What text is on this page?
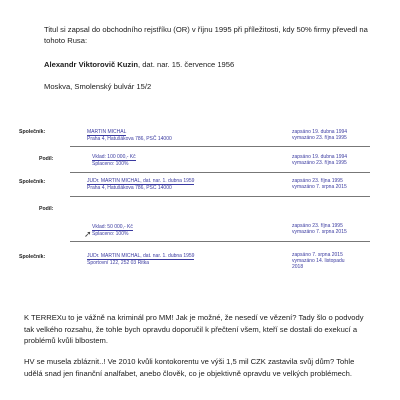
Titul si zapsal do obchodního rejstříku (OR) v říjnu 1995 při příležitosti, kdy 50% firmy převedl na
tohoto Rusa:
Alexandr Viktorovič Kuzin, dat. nar. 15. července 1956
Moskva, Smolenský bulvár 15/2
Společník:	MARTIN MICHAL
Praha 4, Hatušákova 786, PSČ 14000
zapsáno 19. dubna 1994
vymazáno 23. října 1995
Podíl:	Vklad: 100 000,- Kč
Splaceno: 100%
zapsáno 19. dubna 1994
vymazáno 23. října 1995
Společník:	JUDr. MARTIN MICHAL, dat. nar. 1. dubna 1959
Praha 4, Hatušákova 786, PSČ 14000
zapsáno 23. října 1995
vymazáno 7. srpna 2015
Podíl:
Vklad: 50 000,- Kč
Splaceno: 100%
➚
zapsáno 23. října 1995
vymazáno 7. srpna 2015
Společník:	JUDr. MARTIN MICHAL, dat. nar. 1. dubna 1959
Sportovní 122, 252 03 Řitka
zapsáno 7. srpna 2015
vymazáno 14. listopadu
2018
K TERREXu to je vážně na kriminál pro MM! Jak je možné, že nesedí ve vězení? Tady šlo o podvody
tak velkého rozsahu, že tohle bych opravdu doporučil k přečtení všem, kteří se dostali do exekucí a
problémů kvůli blbostem.
HV se musela zbláznit..! Ve 2010 kvůli kontokorentu ve výši 1,5 mil CZK zastavila svůj dům? Tohle
udělá snad jen finanční analfabet, anebo člověk, co je objektivně opravdu ve velkých problémech.
